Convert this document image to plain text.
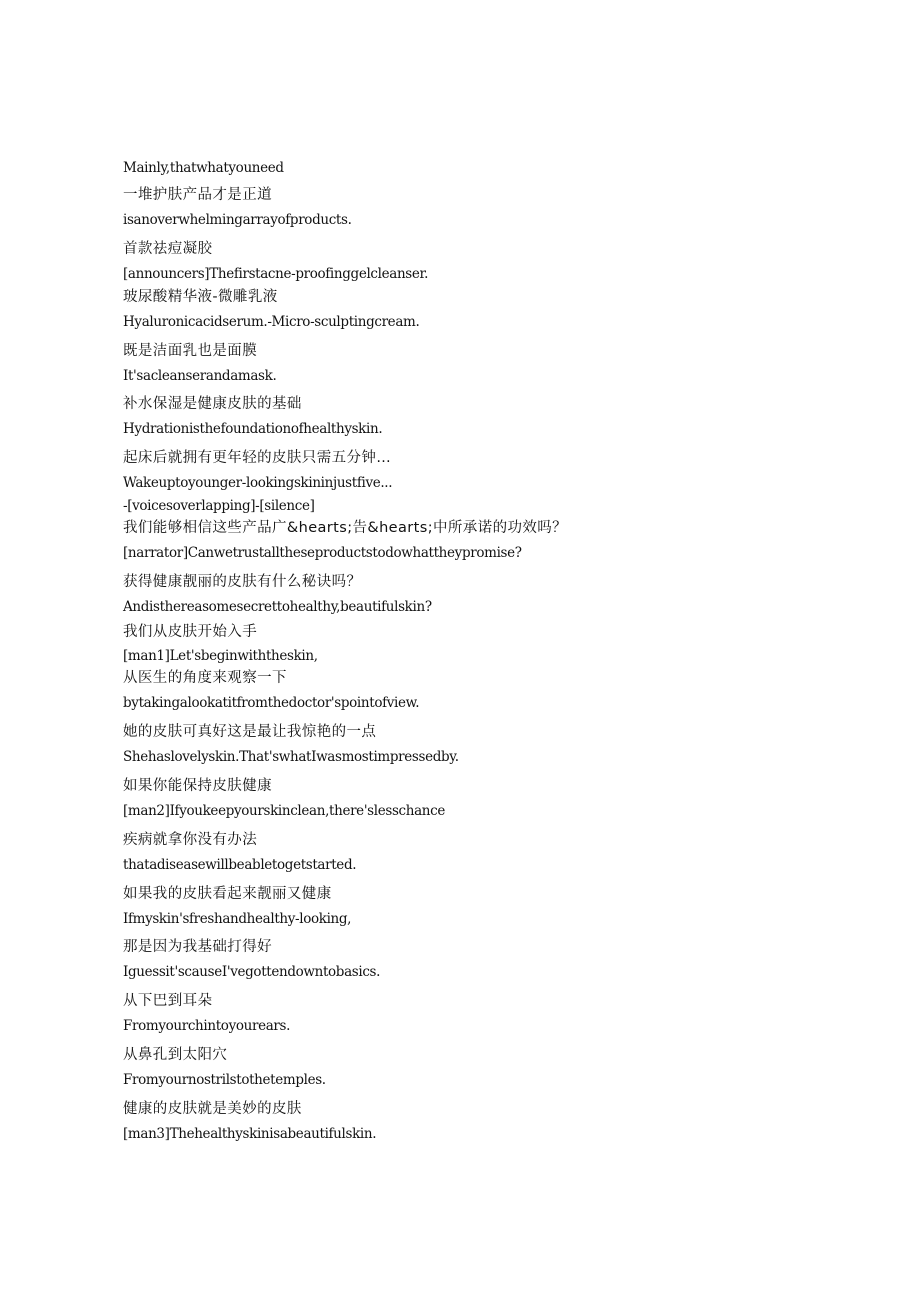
Mainly,thatwhatyouneed
一堆护肤产品才是正道
isanoverwhelmingarrayofproducts.
首款祛痘凝胶
[announcers]Thefirstacne-proofinggelcleanser.
玻尿酸精华液-微雕乳液
Hyaluronicacidserum.-Micro-sculptingcream.
既是洁面乳也是面膜
It'sacleanserandamask.
补水保湿是健康皮肤的基础
Hydrationisthefoundationofhealthyskin.
起床后就拥有更年轻的皮肤只需五分钟…
Wakeuptoyounger-lookingskininjustfive...
-[voicesoverlapping]-[silence]
我们能够相信这些产品广&hearts;告&hearts;中所承诺的功效吗？
[narrator]Canwetrustalltheseproductstodowhattheypromise?
获得健康靓丽的皮肤有什么秘诀吗？
Andisthereasomesecrettohealthy,beautifulskin?
我们从皮肤开始入手
[man1]Let'sbeginwiththeskin,
从医生的角度来观察一下
bytakingalookatitfromthedoctor'spointofview.
她的皮肤可真好这是最让我惊艳的一点
Shehaslovelyskin.That'swhatIwasmostimpressedby.
如果你能保持皮肤健康
[man2]Ifyoukeepyourskinclean,there'slesschance
疾病就拿你没有办法
thatadiseasewillbeabletogetstarted.
如果我的皮肤看起来靓丽又健康
Ifmyskin'sfreshandhealthy-looking,
那是因为我基础打得好
Iguessit'scauseI'vegottendowntobasics.
从下巴到耳朵
Fromyourchintoyourears.
从鼻孔到太阳穴
Fromyournostrilstothetemples.
健康的皮肤就是美妙的皮肤
[man3]Thehealthyskinisabeautifulskin.
